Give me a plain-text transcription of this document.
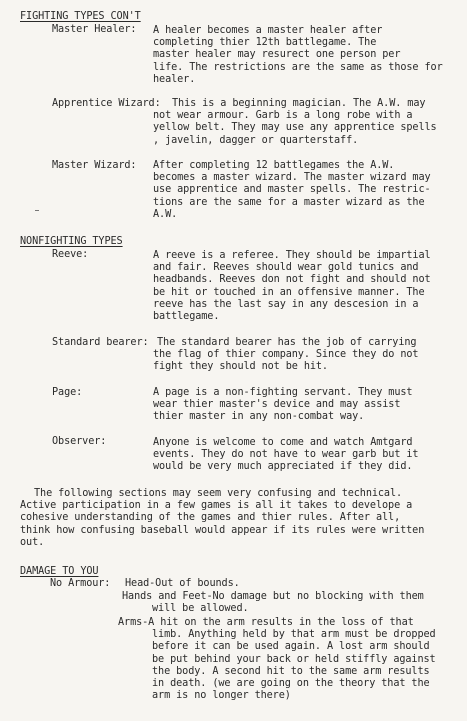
FIGHTING TYPES CON'T
Master Healer: A healer becomes a master healer after
completing thier 12th battlegame. The
master healer may resurect one person per
life. The restrictions are the same as those for
healer.
Apprentice Wizard: This is a beginning magician. The A.W. may
not wear armour. Garb is a long robe with a
yellow belt. They may use any apprentice spells
, javelin, dagger or quarterstaff.
Master Wizard: After completing 12 battlegames the A.W.
becomes a master wizard. The master wizard may
use apprentice and master spells. The restric-
tions are the same for a master wizard as the
A.W.
NONFIGHTING TYPES
Reeve:	A reeve is a referee. They should be impartial
and fair. Reeves should wear gold tunics and
headbands. Reeves don not fight and should not
be hit or touched in an offensive manner. The
reeve has the last say in any descesion in a
battlegame.
Standard bearer: The standard bearer has the job of carrying
the flag of thier company. Since they do not
fight they should not be hit.
Page:	A page is a non-fighting servant. They must
wear thier master's device and may assist
thier master in any non-combat way.
Observer:	Anyone is welcome to come and watch Amtgard
events. They do not have to wear garb but it
would be very much appreciated if they did.
The following sections may seem very confusing and technical.
Active participation in a few games is all it takes to develope a
cohesive understanding of the games and thier rules. After all,
think how confusing baseball would appear if its rules were written
out.
DAMAGE TO YOU
No Armour: Head-Out of bounds.
Hands and Feet-No damage but no blocking with them
will be allowed.
Arms-A hit on the arm results in the loss of that
limb. Anything held by that arm must be dropped
before it can be used again. A lost arm should
be put behind your back or held stiffly against
the body. A second hit to the same arm results
in death. (we are going on the theory that the
arm is no longer there)
